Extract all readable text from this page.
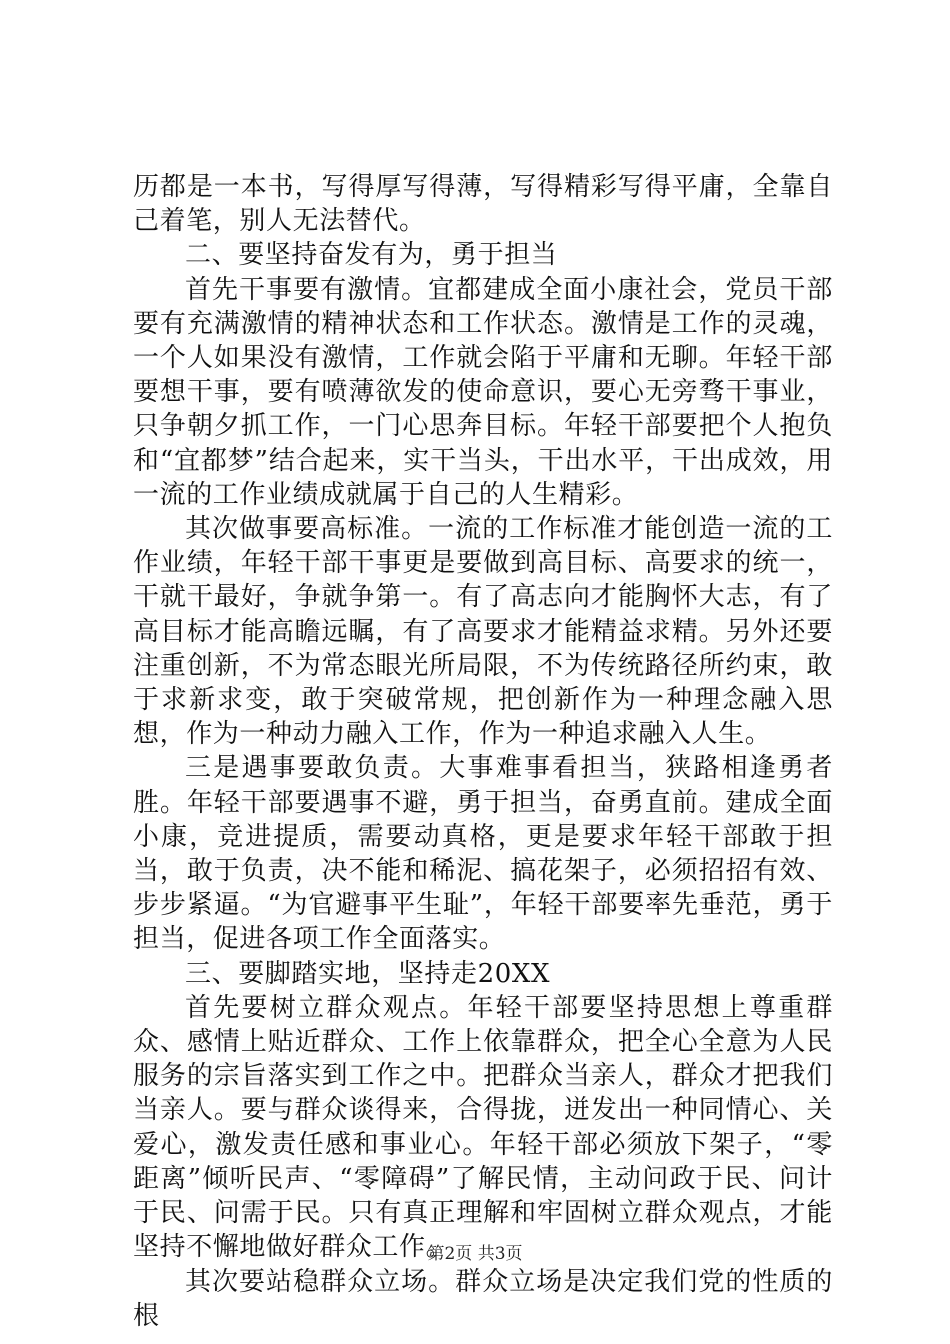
历都是一本书，写得厚写得薄，写得精彩写得平庸，全靠自己着笔，别人无法替代。

二、要坚持奋发有为，勇于担当

首先干事要有激情。宜都建成全面小康社会，党员干部要有充满激情的精神状态和工作状态。激情是工作的灵魂，一个人如果没有激情，工作就会陷于平庸和无聊。年轻干部要想干事，要有喷薄欲发的使命意识，要心无旁骛干事业，只争朝夕抓工作，一门心思奔目标。年轻干部要把个人抱负和“宜都梦”结合起来，实干当头，干出水平，干出成效，用一流的工作业绩成就属于自己的人生精彩。

其次做事要高标准。一流的工作标准才能创造一流的工作业绩，年轻干部干事更是要做到高目标、高要求的统一，干就干最好，争就争第一。有了高志向才能胸怀大志，有了高目标才能高瞻远瞩，有了高要求才能精益求精。另外还要注重创新，不为常态眼光所局限，不为传统路径所约束，敢于求新求变，敢于突破常规，把创新作为一种理念融入思想，作为一种动力融入工作，作为一种追求融入人生。

三是遇事要敢负责。大事难事看担当，狭路相逢勇者胜。年轻干部要遇事不避，勇于担当，奋勇直前。建成全面小康，竞进提质，需要动真格，更是要求年轻干部敢于担当，敢于负责，决不能和稀泥、搞花架子，必须招招有效、步步紧逼。“为官避事平生耻”，年轻干部要率先垂范，勇于担当，促进各项工作全面落实。

三、要脚踏实地，坚持走20XX

首先要树立群众观点。年轻干部要坚持思想上尊重群众、感情上贴近群众、工作上依靠群众，把全心全意为人民服务的宗旨落实到工作之中。把群众当亲人，群众才把我们当亲人。要与群众谈得来，合得拢，迸发出一种同情心、关爱心，激发责任感和事业心。年轻干部必须放下架子，“零距离”倾听民声、“零障碍”了解民情，主动问政于民、问计于民、问需于民。只有真正理解和牢固树立群众观点，才能坚持不懈地做好群众工作。

其次要站稳群众立场。群众立场是决定我们党的性质的根

第2页 共3页
